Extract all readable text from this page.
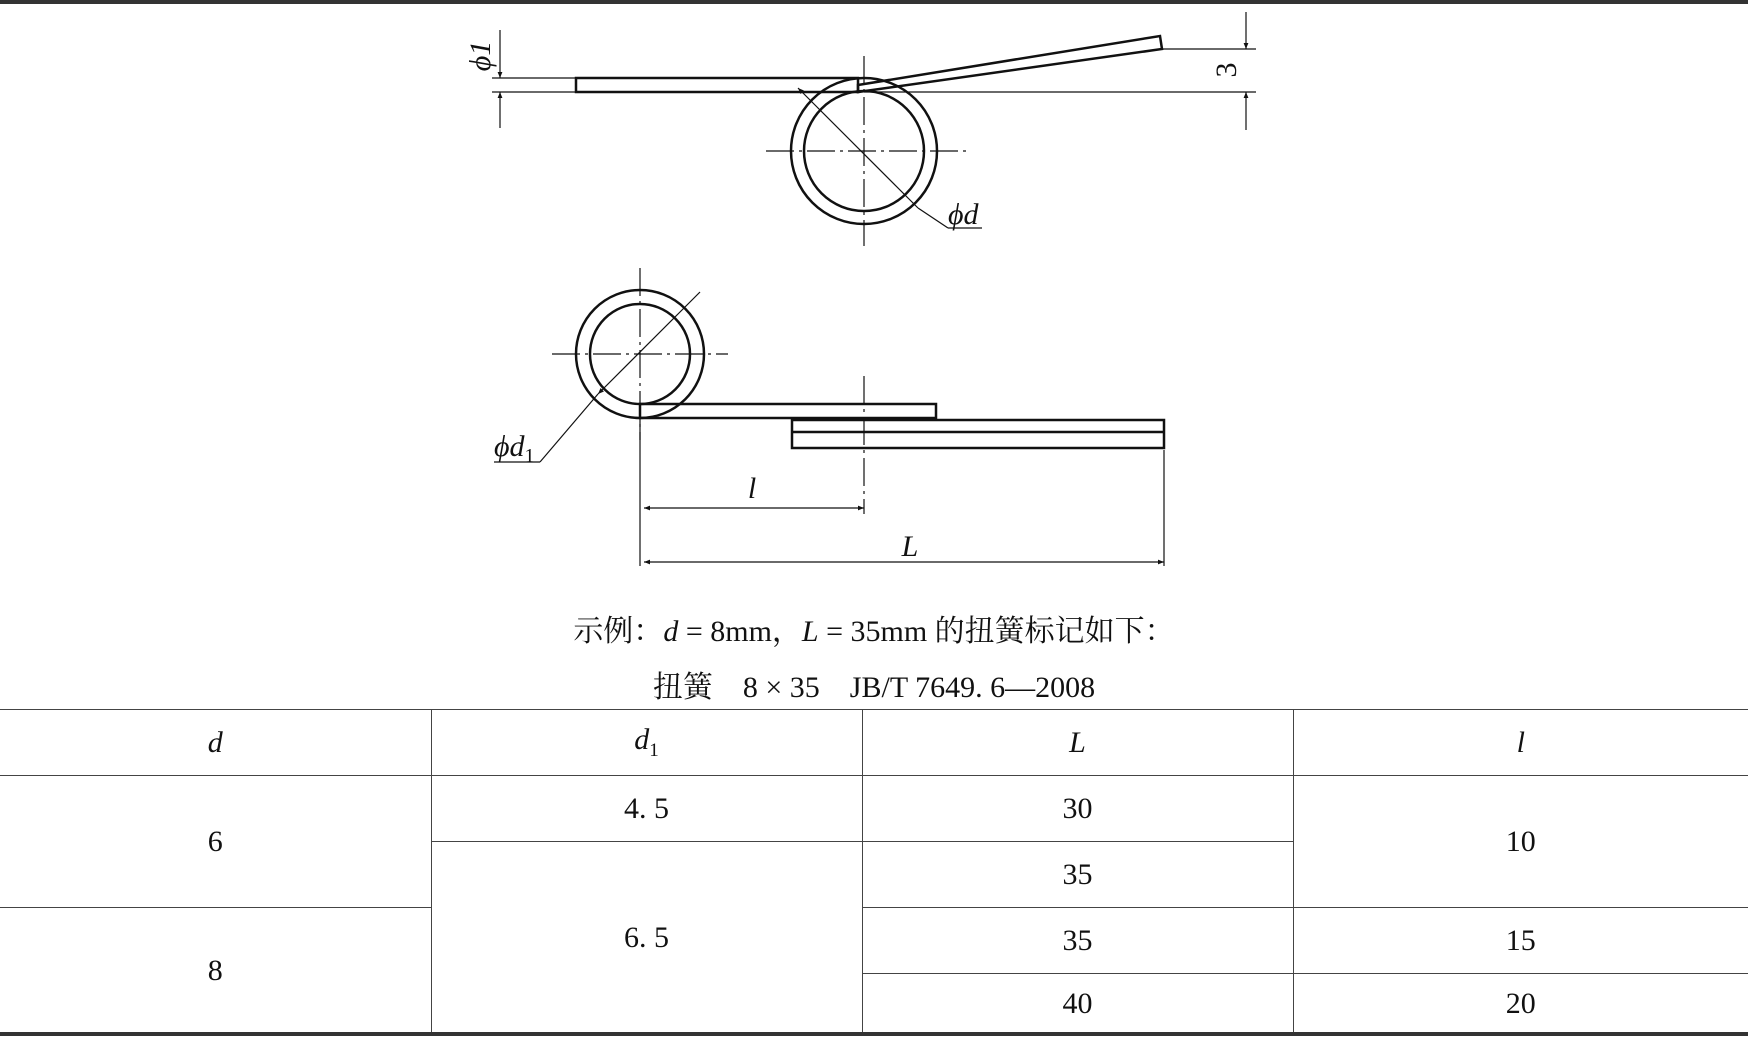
ϕ1	3
ϕd
$\phi d_1$
l
L
示例：d = 8mm，L = 35mm 的扭簧标记如下：
扭簧　8 × 35　JB/T 7649. 6—2008
d	$d_1$	L	l
6	4. 5	30	10
	6. 5	35	
8		35	15
		40	20
